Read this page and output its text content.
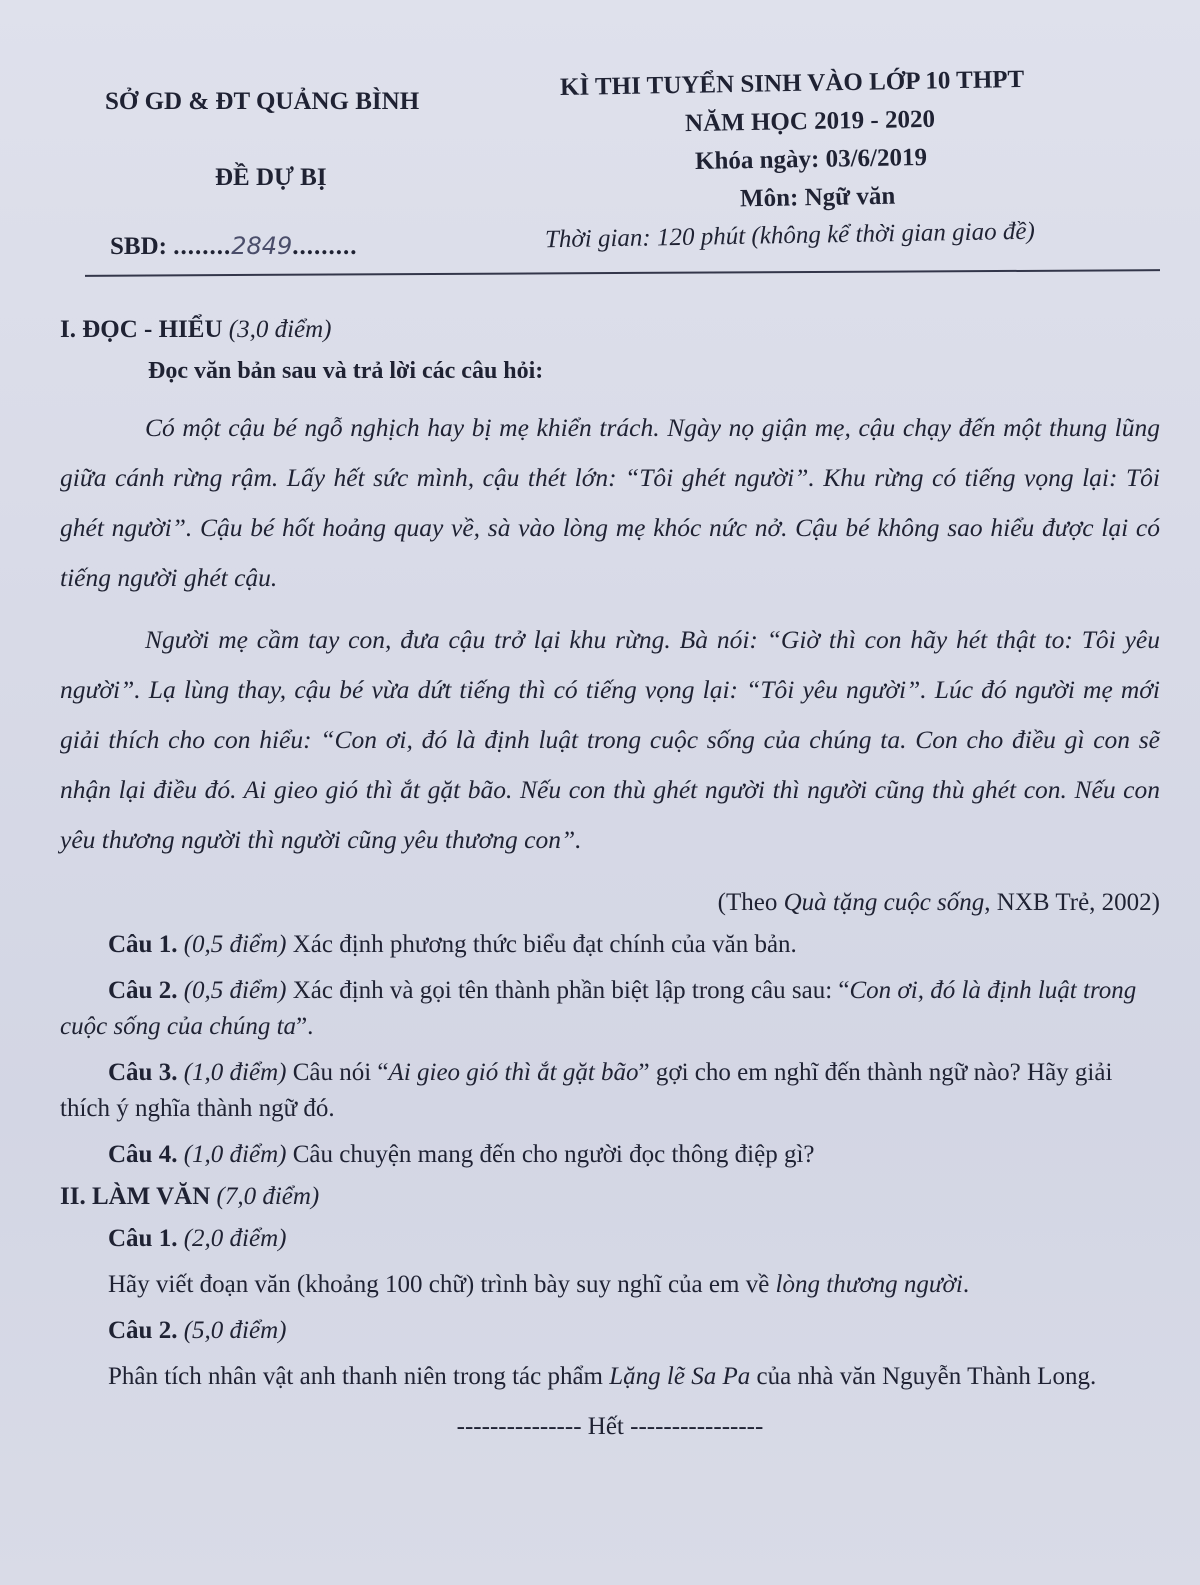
SỞ GD & ĐT QUẢNG BÌNH
ĐỀ DỰ BỊ
SBD: ........2849.........
KÌ THI TUYỂN SINH VÀO LỚP 10 THPT
NĂM HỌC 2019 - 2020
Khóa ngày: 03/6/2019
Môn: Ngữ văn
Thời gian: 120 phút (không kể thời gian giao đề)
I. ĐỌC - HIỂU (3,0 điểm)
Đọc văn bản sau và trả lời các câu hỏi:

Có một cậu bé ngỗ nghịch hay bị mẹ khiển trách. Ngày nọ giận mẹ, cậu chạy đến một thung lũng giữa cánh rừng rậm. Lấy hết sức mình, cậu thét lớn: “Tôi ghét người”. Khu rừng có tiếng vọng lại: Tôi ghét người”. Cậu bé hốt hoảng quay về, sà vào lòng mẹ khóc nức nở. Cậu bé không sao hiểu được lại có tiếng người ghét cậu.

Người mẹ cầm tay con, đưa cậu trở lại khu rừng. Bà nói: “Giờ thì con hãy hét thật to: Tôi yêu người”. Lạ lùng thay, cậu bé vừa dứt tiếng thì có tiếng vọng lại: “Tôi yêu người”. Lúc đó người mẹ mới giải thích cho con hiểu: “Con ơi, đó là định luật trong cuộc sống của chúng ta. Con cho điều gì con sẽ nhận lại điều đó. Ai gieo gió thì ắt gặt bão. Nếu con thù ghét người thì người cũng thù ghét con. Nếu con yêu thương người thì người cũng yêu thương con”.

(Theo Quà tặng cuộc sống, NXB Trẻ, 2002)
Câu 1. (0,5 điểm) Xác định phương thức biểu đạt chính của văn bản.
Câu 2. (0,5 điểm) Xác định và gọi tên thành phần biệt lập trong câu sau: “Con ơi, đó là định luật trong cuộc sống của chúng ta”.
Câu 3. (1,0 điểm) Câu nói “Ai gieo gió thì ắt gặt bão” gợi cho em nghĩ đến thành ngữ nào? Hãy giải thích ý nghĩa thành ngữ đó.
Câu 4. (1,0 điểm) Câu chuyện mang đến cho người đọc thông điệp gì?
II. LÀM VĂN (7,0 điểm)
Câu 1. (2,0 điểm)
Hãy viết đoạn văn (khoảng 100 chữ) trình bày suy nghĩ của em về lòng thương người.
Câu 2. (5,0 điểm)
Phân tích nhân vật anh thanh niên trong tác phẩm Lặng lẽ Sa Pa của nhà văn Nguyễn Thành Long.
--------------- Hết ----------------
